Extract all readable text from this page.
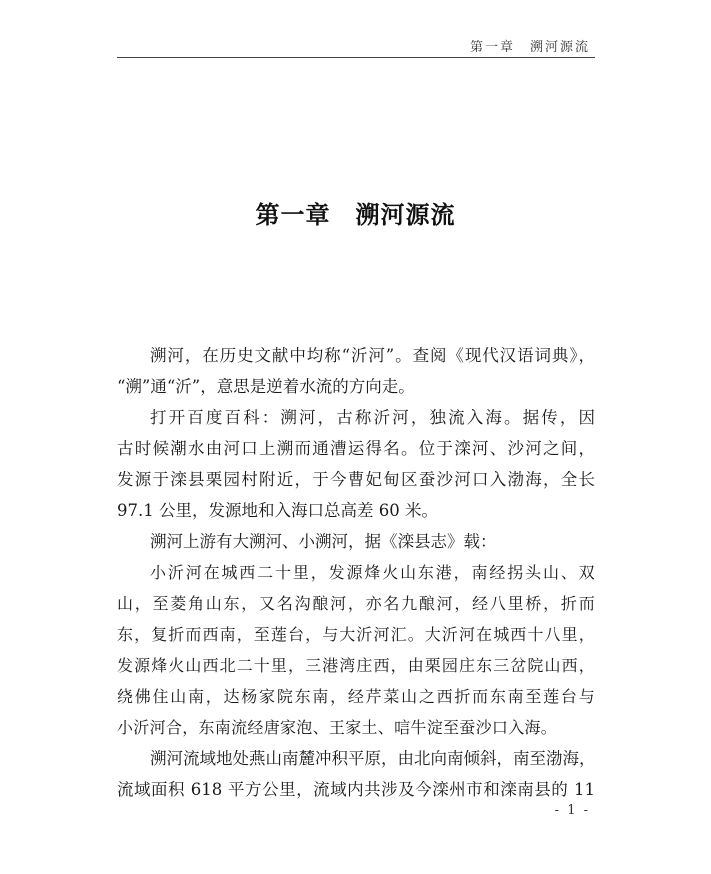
第一章　溯河源流
第一章　溯河源流
溯河，在历史文献中均称“沂河”。查阅《现代汉语词典》，
“溯”通“沂”，意思是逆着水流的方向走。
打开百度百科：溯河，古称沂河，独流入海。据传，因
古时候潮水由河口上溯而通漕运得名。位于滦河、沙河之间，
发源于滦县栗园村附近，于今曹妃甸区蚕沙河口入渤海，全长
97.1 公里，发源地和入海口总高差 60 米。
溯河上游有大溯河、小溯河，据《滦县志》载：
小沂河在城西二十里，发源烽火山东港，南经拐头山、双
山，至菱角山东，又名沟酿河，亦名九酿河，经八里桥，折而
东，复折而西南，至莲台，与大沂河汇。大沂河在城西十八里，
发源烽火山西北二十里，三港湾庄西，由栗园庄东三岔院山西，
绕佛住山南，达杨家院东南，经芹菜山之西折而东南至莲台与
小沂河合，东南流经唐家泡、王家土、唁牛淀至蚕沙口入海。
溯河流域地处燕山南麓冲积平原，由北向南倾斜，南至渤海，
流域面积 618 平方公里，流域内共涉及今滦州市和滦南县的 11
- 1 -
